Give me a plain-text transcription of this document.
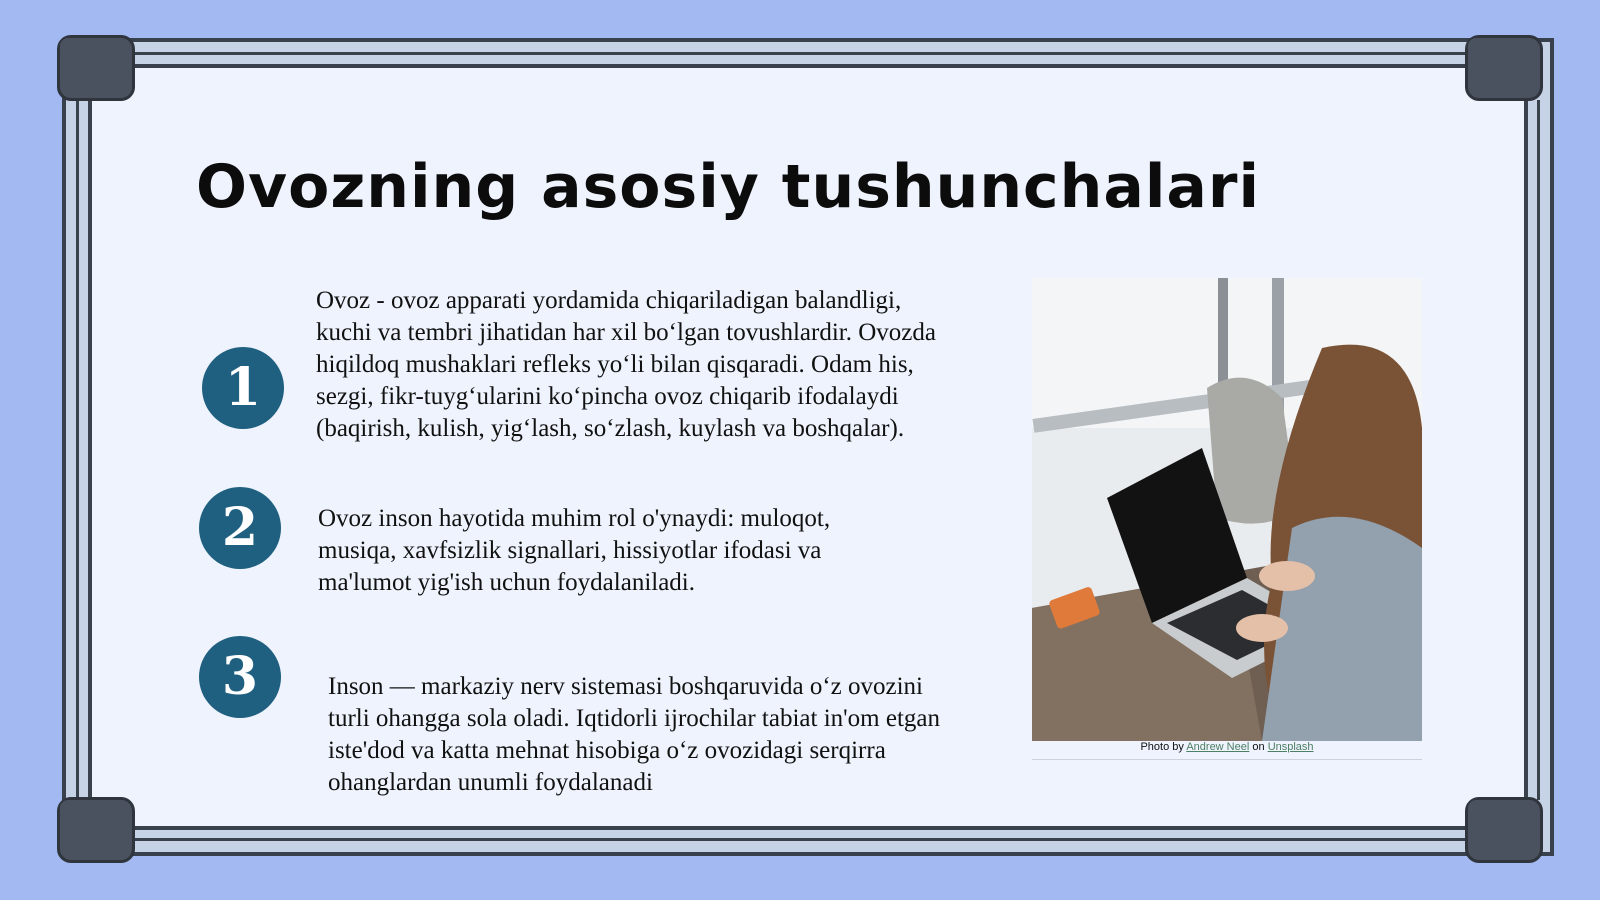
Ovozning asosiy tushunchalari
1

Ovoz - ovoz apparati yordamida chiqariladigan balandligi, kuchi va tembri jihatidan har xil bo‘lgan tovushlardir. Ovozda hiqildoq mushaklari refleks yo‘li bilan qisqaradi. Odam his, sezgi, fikr-tuyg‘ularini ko‘pincha ovoz chiqarib ifodalaydi (baqirish, kulish, yig‘lash, so‘zlash, kuylash va boshqalar).

2	Ovoz inson hayotida muhim rol o'ynaydi: muloqot, musiqa, xavfsizlik signallari, hissiyotlar ifodasi va ma'lumot yig'ish uchun foydalaniladi.

3	Inson — markaziy nerv sistemasi boshqaruvida o‘z ovozini turli ohangga sola oladi. Iqtidorli ijrochilar tabiat in'om etgan iste'dod va katta mehnat hisobiga o‘z ovozidagi serqirra ohanglardan unumli foydalanadi

Photo by Andrew Neel on Unsplash
